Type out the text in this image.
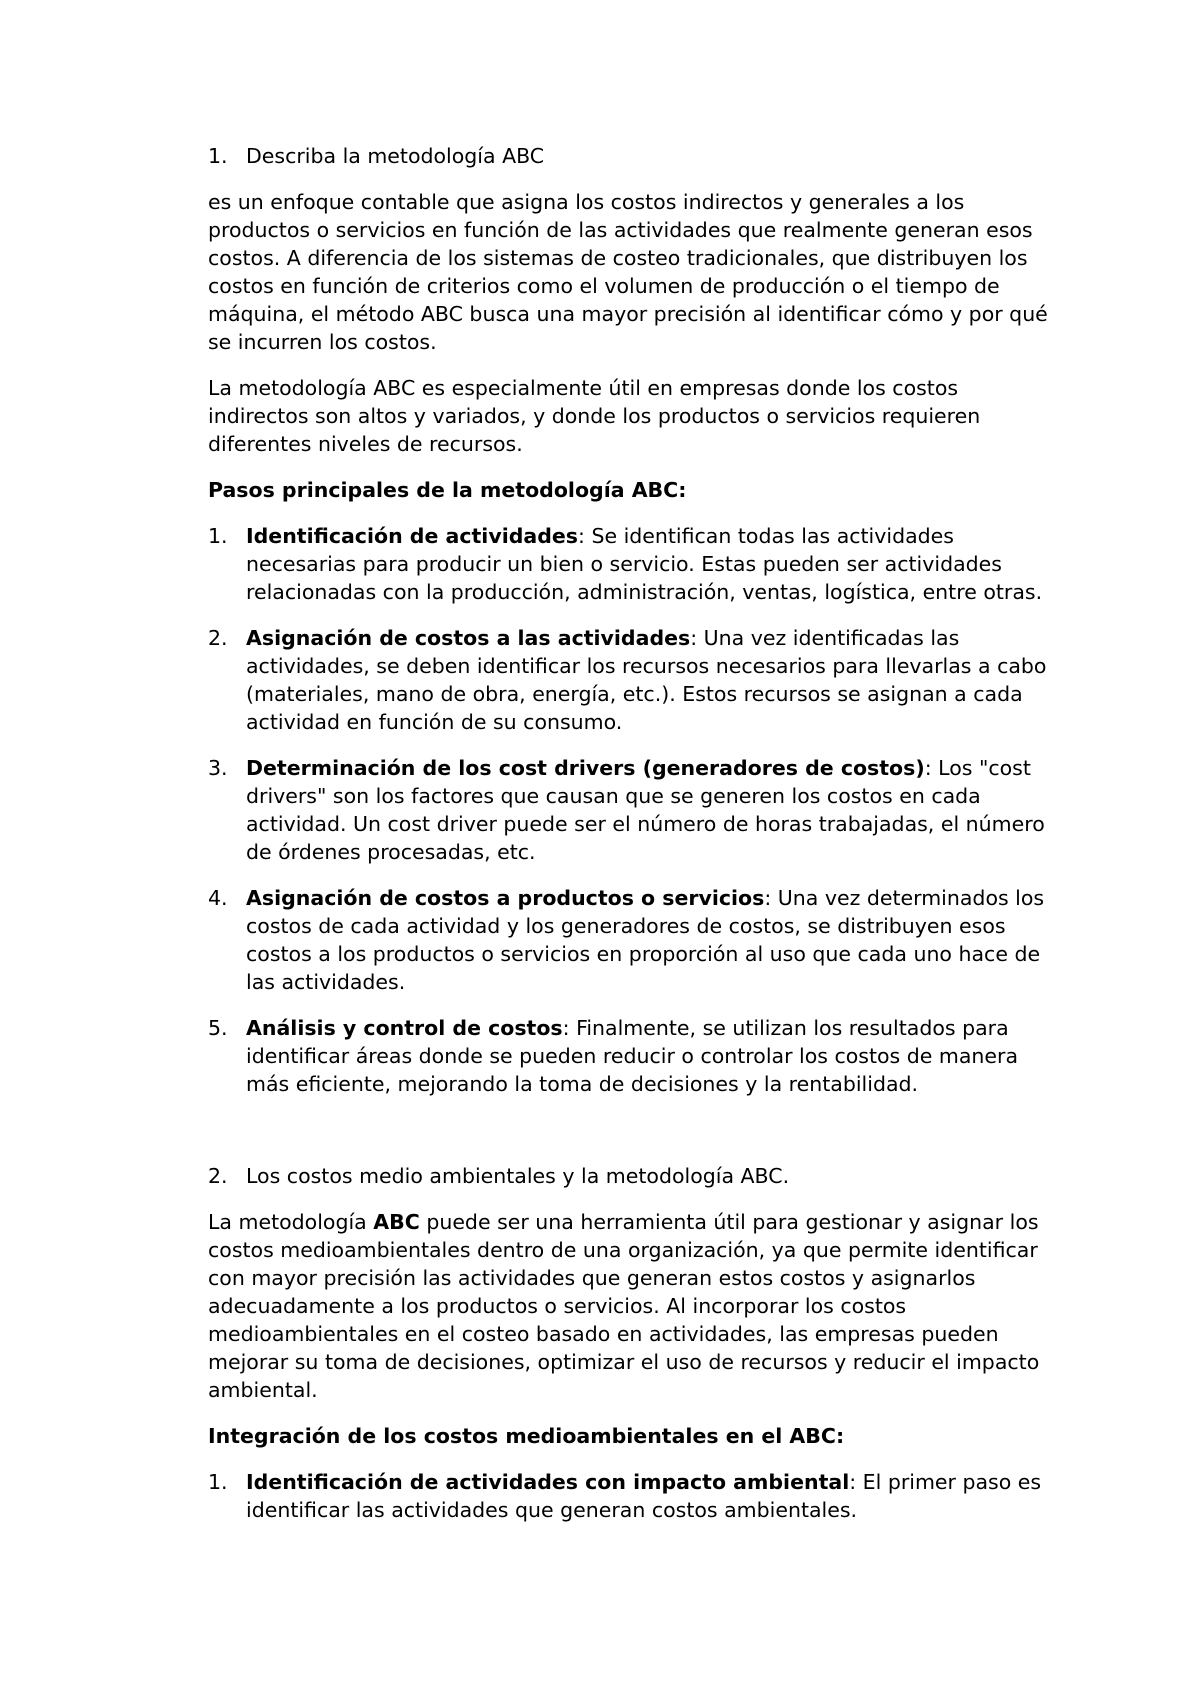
1. Describa la metodología ABC

es un enfoque contable que asigna los costos indirectos y generales a los productos o servicios en función de las actividades que realmente generan esos costos. A diferencia de los sistemas de costeo tradicionales, que distribuyen los costos en función de criterios como el volumen de producción o el tiempo de máquina, el método ABC busca una mayor precisión al identificar cómo y por qué se incurren los costos.

La metodología ABC es especialmente útil en empresas donde los costos indirectos son altos y variados, y donde los productos o servicios requieren diferentes niveles de recursos.

Pasos principales de la metodología ABC:

1. Identificación de actividades: Se identifican todas las actividades necesarias para producir un bien o servicio. Estas pueden ser actividades relacionadas con la producción, administración, ventas, logística, entre otras.
2. Asignación de costos a las actividades: Una vez identificadas las actividades, se deben identificar los recursos necesarios para llevarlas a cabo (materiales, mano de obra, energía, etc.). Estos recursos se asignan a cada actividad en función de su consumo.
3. Determinación de los cost drivers (generadores de costos): Los "cost drivers" son los factores que causan que se generen los costos en cada actividad. Un cost driver puede ser el número de horas trabajadas, el número de órdenes procesadas, etc.
4. Asignación de costos a productos o servicios: Una vez determinados los costos de cada actividad y los generadores de costos, se distribuyen esos costos a los productos o servicios en proporción al uso que cada uno hace de las actividades.
5. Análisis y control de costos: Finalmente, se utilizan los resultados para identificar áreas donde se pueden reducir o controlar los costos de manera más eficiente, mejorando la toma de decisiones y la rentabilidad.
2. Los costos medio ambientales y la metodología ABC.

La metodología ABC puede ser una herramienta útil para gestionar y asignar los costos medioambientales dentro de una organización, ya que permite identificar con mayor precisión las actividades que generan estos costos y asignarlos adecuadamente a los productos o servicios. Al incorporar los costos medioambientales en el costeo basado en actividades, las empresas pueden mejorar su toma de decisiones, optimizar el uso de recursos y reducir el impacto ambiental.

Integración de los costos medioambientales en el ABC:

1. Identificación de actividades con impacto ambiental: El primer paso es identificar las actividades que generan costos ambientales.
